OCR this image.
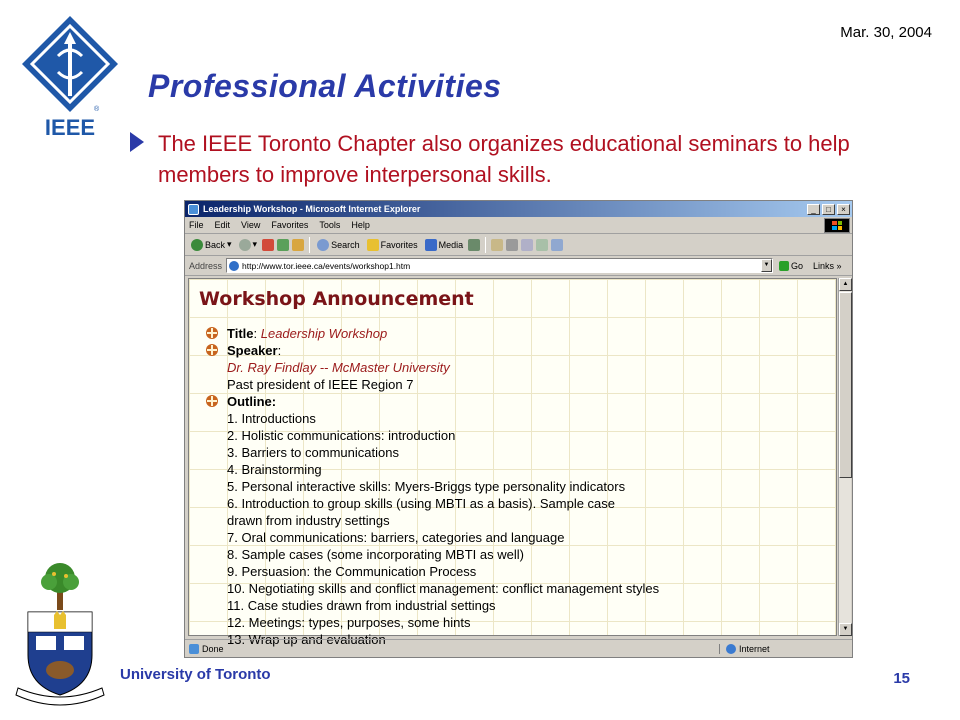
®
IEEE
Mar. 30, 2004
Professional Activities
The IEEE Toronto Chapter also organizes educational seminars to help members to improve interpersonal skills.
Leadership Workshop - Microsoft Internet Explorer	_	□	×
File Edit View Favorites Tools Help
Back ▾ ▾	Search Favorites Media
Address http://www.tor.ieee.ca/events/workshop1.htm	▼ Go Links »
Workshop Announcement
Title: Leadership Workshop
Speaker:
Dr. Ray Findlay -- McMaster University
Past president of IEEE Region 7
Outline:
1. Introductions
2. Holistic communications: introduction
3. Barriers to communications
4. Brainstorming
5. Personal interactive skills: Myers-Briggs type personality indicators
6. Introduction to group skills (using MBTI as a basis). Sample case
drawn from industry settings
7. Oral communications: barriers, categories and language
8. Sample cases (some incorporating MBTI as well)
9. Persuasion: the Communication Process
10. Negotiating skills and conflict management: conflict management styles
11. Case studies drawn from industrial settings
12. Meetings: types, purposes, some hints
13. Wrap up and evaluation
▲
▼
Done	Internet
University of Toronto	15
